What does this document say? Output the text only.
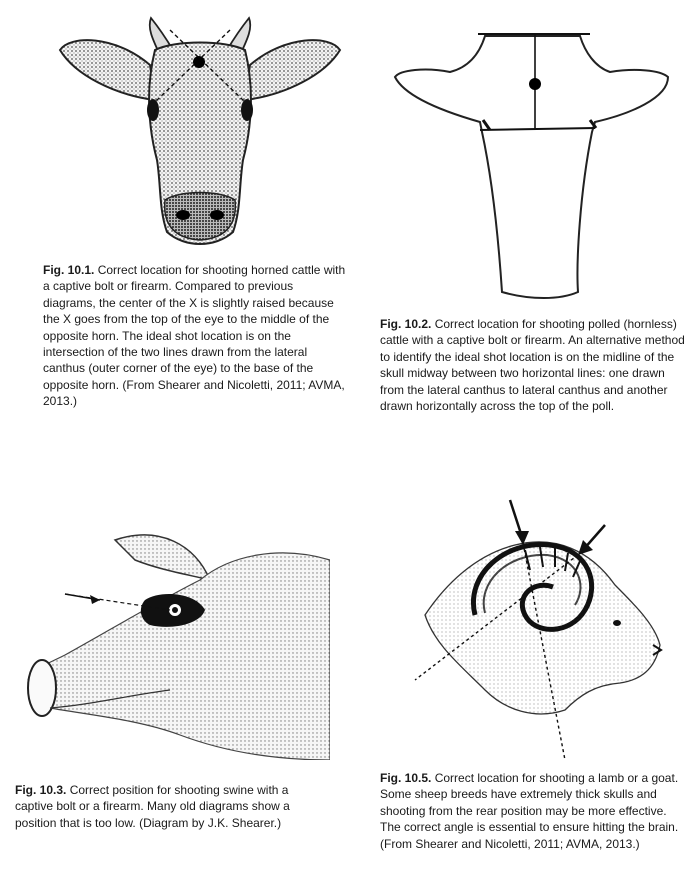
Fig. 10.1. Correct location for shooting horned cattle with a captive bolt or firearm. Compared to previous diagrams, the center of the X is slightly raised because the X goes from the top of the eye to the middle of the opposite horn. The ideal shot location is on the intersection of the two lines drawn from the lateral canthus (outer corner of the eye) to the base of the opposite horn. (From Shearer and Nicoletti, 2011; AVMA, 2013.)
Fig. 10.2. Correct location for shooting polled (hornless) cattle with a captive bolt or firearm. An alternative method to identify the ideal shot location is on the midline of the skull midway between two horizontal lines: one drawn from the lateral canthus to lateral canthus and another drawn horizontally across the top of the poll.
Fig. 10.3. Correct position for shooting swine with a captive bolt or a firearm. Many old diagrams show a position that is too low. (Diagram by J.K. Shearer.)
Fig. 10.5. Correct location for shooting a lamb or a goat. Some sheep breeds have extremely thick skulls and shooting from the rear position may be more effective. The correct angle is essential to ensure hitting the brain. (From Shearer and Nicoletti, 2011; AVMA, 2013.)
